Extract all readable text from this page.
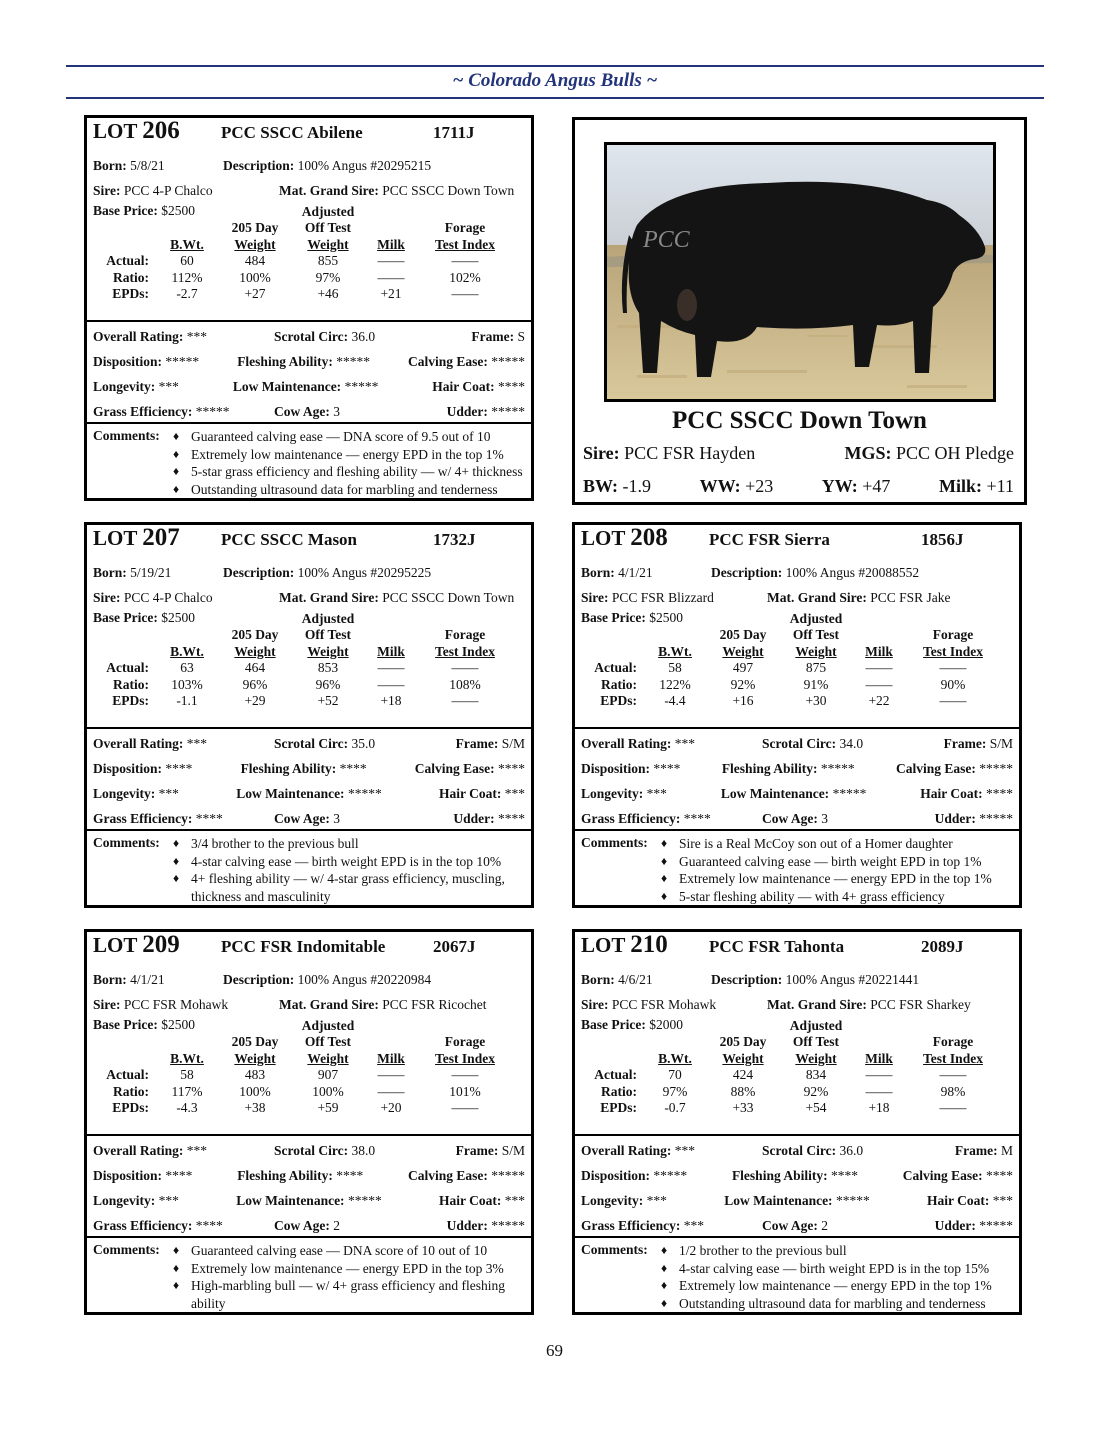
~ Colorado Angus Bulls ~
LOT 206	PCC SSCC Abilene	1711J
Born: 5/8/21	Description: 100% Angus #20295215
Sire: PCC 4-P Chalco	Mat. Grand Sire: PCC SSCC Down Town
Base Price: $2500
				Adjusted		
		205 Day	Off Test		Forage
	B.Wt.	Weight	Weight	Milk	Test Index
Actual:	60	484	855	——	——
Ratio:	112%	100%	97%	——	102%
EPDs:	-2.7	+27	+46	+21	——
Overall Rating: ***	Scrotal Circ: 36.0	Frame: S
Disposition: *****	Fleshing Ability: *****	Calving Ease: *****
Longevity: ***	Low Maintenance: *****	Hair Coat: ****
Grass Efficiency: *****	Cow Age: 3	Udder: *****
Comments:	♦ Guaranteed calving ease — DNA score of 9.5 out of 10
♦ Extremely low maintenance — energy EPD in the top 1%
♦ 5-star grass efficiency and fleshing ability — w/ 4+ thickness
♦ Outstanding ultrasound data for marbling and tenderness
LOT 207	PCC SSCC Mason	1732J
Born: 5/19/21	Description: 100% Angus #20295225
Sire: PCC 4-P Chalco	Mat. Grand Sire: PCC SSCC Down Town
Base Price: $2500
				Adjusted		
		205 Day	Off Test		Forage
	B.Wt.	Weight	Weight	Milk	Test Index
Actual:	63	464	853	——	——
Ratio:	103%	96%	96%	——	108%
EPDs:	-1.1	+29	+52	+18	——
Overall Rating: ***	Scrotal Circ: 35.0	Frame: S/M
Disposition: ****	Fleshing Ability: ****	Calving Ease: ****
Longevity: ***	Low Maintenance: *****	Hair Coat: ***
Grass Efficiency: ****	Cow Age: 3	Udder: ****
Comments:	♦ 3/4 brother to the previous bull
♦ 4-star calving ease — birth weight EPD is in the top 10%
♦ 4+ fleshing ability — w/ 4-star grass efficiency, muscling, thickness and masculinity
LOT 208	PCC FSR Sierra	1856J
Born: 4/1/21	Description: 100% Angus #20088552
Sire: PCC FSR Blizzard	Mat. Grand Sire: PCC FSR Jake
Base Price: $2500
				Adjusted		
		205 Day	Off Test		Forage
	B.Wt.	Weight	Weight	Milk	Test Index
Actual:	58	497	875	——	——
Ratio:	122%	92%	91%	——	90%
EPDs:	-4.4	+16	+30	+22	——
Overall Rating: ***	Scrotal Circ: 34.0	Frame: S/M
Disposition: ****	Fleshing Ability: *****	Calving Ease: *****
Longevity: ***	Low Maintenance: *****	Hair Coat: ****
Grass Efficiency: ****	Cow Age: 3	Udder: *****
Comments:	♦ Sire is a Real McCoy son out of a Homer daughter
♦ Guaranteed calving ease — birth weight EPD in top 1%
♦ Extremely low maintenance — energy EPD in the top 1%
♦ 5-star fleshing ability — with 4+ grass efficiency
LOT 209	PCC FSR Indomitable	2067J
Born: 4/1/21	Description: 100% Angus #20220984
Sire: PCC FSR Mohawk	Mat. Grand Sire: PCC FSR Ricochet
Base Price: $2500
				Adjusted		
		205 Day	Off Test		Forage
	B.Wt.	Weight	Weight	Milk	Test Index
Actual:	58	483	907	——	——
Ratio:	117%	100%	100%	——	101%
EPDs:	-4.3	+38	+59	+20	——
Overall Rating: ***	Scrotal Circ: 38.0	Frame: S/M
Disposition: ****	Fleshing Ability: ****	Calving Ease: *****
Longevity: ***	Low Maintenance: *****	Hair Coat: ***
Grass Efficiency: ****	Cow Age: 2	Udder: *****
Comments:	♦ Guaranteed calving ease — DNA score of 10 out of 10
♦ Extremely low maintenance — energy EPD in the top 3%
♦ High-marbling bull — w/ 4+ grass efficiency and fleshing ability
LOT 210	PCC FSR Tahonta	2089J
Born: 4/6/21	Description: 100% Angus #20221441
Sire: PCC FSR Mohawk	Mat. Grand Sire: PCC FSR Sharkey
Base Price: $2000
				Adjusted		
		205 Day	Off Test		Forage
	B.Wt.	Weight	Weight	Milk	Test Index
Actual:	70	424	834	——	——
Ratio:	97%	88%	92%	——	98%
EPDs:	-0.7	+33	+54	+18	——
Overall Rating: ***	Scrotal Circ: 36.0	Frame: M
Disposition: *****	Fleshing Ability: ****	Calving Ease: ****
Longevity: ***	Low Maintenance: *****	Hair Coat: ***
Grass Efficiency: ***	Cow Age: 2	Udder: *****
Comments:	♦ 1/2 brother to the previous bull
♦ 4-star calving ease — birth weight EPD is in the top 15%
♦ Extremely low maintenance — energy EPD in the top 1%
♦ Outstanding ultrasound data for marbling and tenderness
PCC
PCC SSCC Down Town
Sire: PCC FSR Hayden	MGS: PCC OH Pledge
BW: -1.9	WW: +23	YW: +47	Milk: +11
69
